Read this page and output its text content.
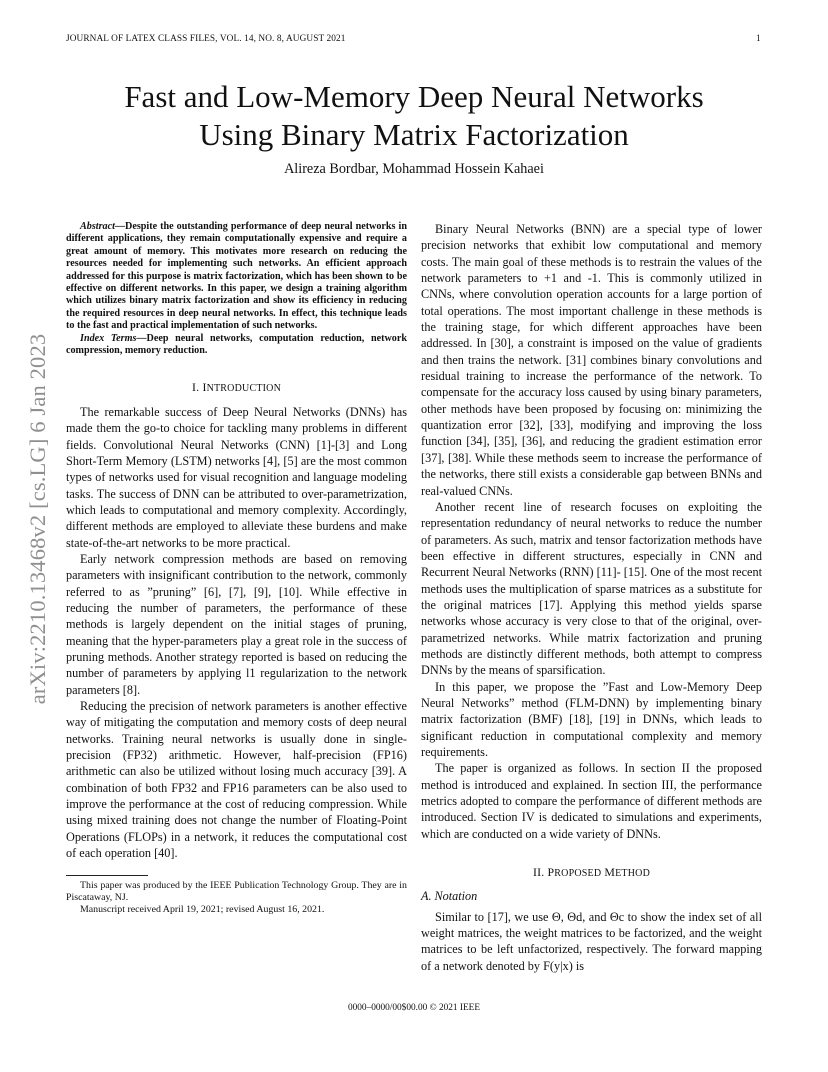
JOURNAL OF LATEX CLASS FILES, VOL. 14, NO. 8, AUGUST 2021	1
arXiv:2210.13468v2 [cs.LG] 6 Jan 2023
Fast and Low-Memory Deep Neural Networks
Using Binary Matrix Factorization
Alireza Bordbar, Mohammad Hossein Kahaei

Abstract—Despite the outstanding performance of deep neural networks in different applications, they remain computationally expensive and require a great amount of memory. This motivates more research on reducing the resources needed for implementing such networks. An efficient approach addressed for this purpose is matrix factorization, which has been shown to be effective on different networks. In this paper, we design a training algorithm which utilizes binary matrix factorization and show its efficiency in reducing the required resources in deep neural networks. In effect, this technique leads to the fast and practical implementation of such networks.

Index Terms—Deep neural networks, computation reduction, network compression, memory reduction.

I. INTRODUCTION

The remarkable success of Deep Neural Networks (DNNs) has made them the go-to choice for tackling many problems in different fields. Convolutional Neural Networks (CNN) [1]-[3] and Long Short-Term Memory (LSTM) networks [4], [5] are the most common types of networks used for visual recognition and language modeling tasks. The success of DNN can be attributed to over-parametrization, which leads to computational and memory complexity. Accordingly, different methods are employed to alleviate these burdens and make state-of-the-art networks to be more practical.

Early network compression methods are based on removing parameters with insignificant contribution to the network, commonly referred to as ”pruning” [6], [7], [9], [10]. While effective in reducing the number of parameters, the performance of these methods is largely dependent on the initial stages of pruning, meaning that the hyper-parameters play a great role in the success of pruning methods. Another strategy reported is based on reducing the number of parameters by applying l1 regularization to the network parameters [8].

Reducing the precision of network parameters is another effective way of mitigating the computation and memory costs of deep neural networks. Training neural networks is usually done in single-precision (FP32) arithmetic. However, half-precision (FP16) arithmetic can also be utilized without losing much accuracy [39]. A combination of both FP32 and FP16 parameters can be also used to improve the performance at the cost of reducing compression. While using mixed training does not change the number of Floating-Point Operations (FLOPs) in a network, it reduces the computational cost of each operation [40].

This paper was produced by the IEEE Publication Technology Group. They are in Piscataway, NJ.

Manuscript received April 19, 2021; revised August 16, 2021.

Binary Neural Networks (BNN) are a special type of lower precision networks that exhibit low computational and memory costs. The main goal of these methods is to restrain the values of the network parameters to +1 and -1. This is commonly utilized in CNNs, where convolution operation accounts for a large portion of total operations. The most important challenge in these methods is the training stage, for which different approaches have been addressed. In [30], a constraint is imposed on the value of gradients and then trains the network. [31] combines binary convolutions and residual training to increase the performance of the network. To compensate for the accuracy loss caused by using binary parameters, other methods have been proposed by focusing on: minimizing the quantization error [32], [33], modifying and improving the loss function [34], [35], [36], and reducing the gradient estimation error [37], [38]. While these methods seem to increase the performance of the networks, there still exists a considerable gap between BNNs and real-valued CNNs.

Another recent line of research focuses on exploiting the representation redundancy of neural networks to reduce the number of parameters. As such, matrix and tensor factorization methods have been effective in different structures, especially in CNN and Recurrent Neural Networks (RNN) [11]- [15]. One of the most recent methods uses the multiplication of sparse matrices as a substitute for the original matrices [17]. Applying this method yields sparse networks whose accuracy is very close to that of the original, over-parametrized networks. While matrix factorization and pruning methods are distinctly different methods, both attempt to compress DNNs by the means of sparsification.

In this paper, we propose the ”Fast and Low-Memory Deep Neural Networks” method (FLM-DNN) by implementing binary matrix factorization (BMF) [18], [19] in DNNs, which leads to significant reduction in computational complexity and memory requirements.

The paper is organized as follows. In section II the proposed method is introduced and explained. In section III, the performance metrics adopted to compare the performance of different methods are introduced. Section IV is dedicated to simulations and experiments, which are conducted on a wide variety of DNNs.

II. PROPOSED METHOD
A. Notation

Similar to [17], we use Θ, Θd, and Θc to show the index set of all weight matrices, the weight matrices to be factorized, and the weight matrices to be left unfactorized, respectively. The forward mapping of a network denoted by F(y|x) is

0000–0000/00$00.00 © 2021 IEEE
